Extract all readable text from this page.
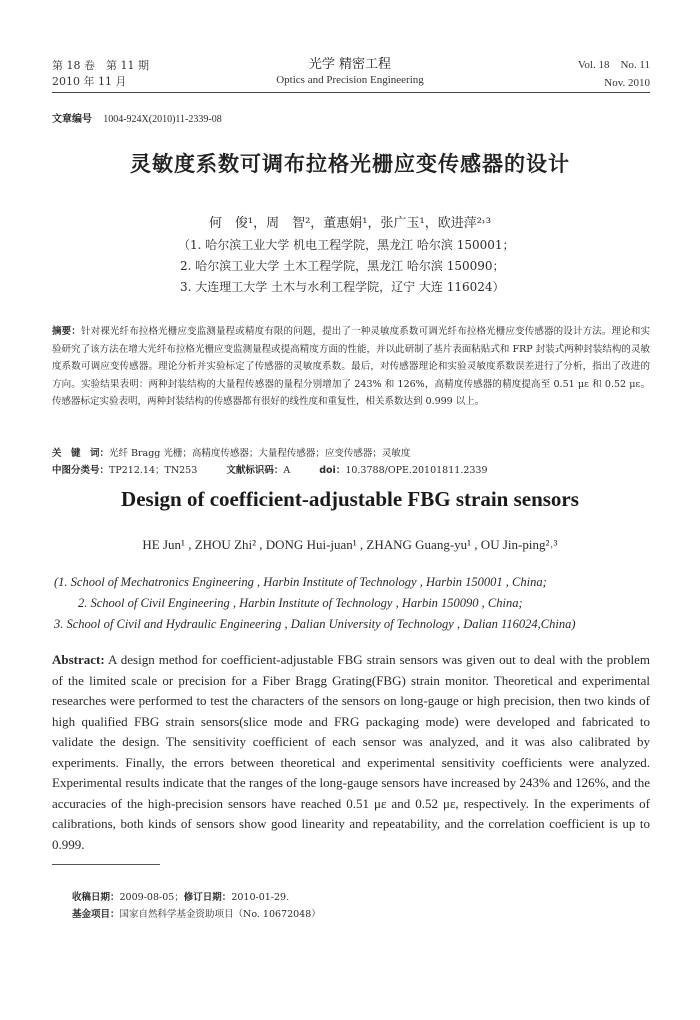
第 18 卷　第 11 期
2010 年 11 月
光学 精密工程
Optics and Precision Engineering
Vol. 18　No. 11
Nov. 2010
文章编号 1004-924X(2010)11-2339-08
灵敏度系数可调布拉格光栅应变传感器的设计
何　俊¹，周　智²，董惠娟¹，张广玉¹，欧进萍²˒³
（1. 哈尔滨工业大学 机电工程学院，黑龙江 哈尔滨 150001；
2. 哈尔滨工业大学 土木工程学院，黑龙江 哈尔滨 150090；
3. 大连理工大学 土木与水利工程学院，辽宁 大连 116024）
摘要：针对裸光纤布拉格光栅应变监测量程或精度有限的问题，提出了一种灵敏度系数可调光纤布拉格光栅应变传感器的设计方法。理论和实验研究了该方法在增大光纤布拉格光栅应变监测量程或提高精度方面的性能，并以此研制了基片表面粘贴式和 FRP 封装式两种封装结构的灵敏度系数可调应变传感器。理论分析并实验标定了传感器的灵敏度系数。最后，对传感器理论和实验灵敏度系数误差进行了分析，指出了改进的方向。实验结果表明：两种封装结构的大量程传感器的量程分别增加了 243% 和 126%，高精度传感器的精度提高至 0.51 με 和 0.52 με。传感器标定实验表明，两种封装结构的传感器都有很好的线性度和重复性，相关系数达到 0.999 以上。
关　键　词：光纤 Bragg 光栅；高精度传感器；大量程传感器；应变传感器；灵敏度
中图分类号：TP212.14；TN253	文献标识码：A	doi：10.3788/OPE.20101811.2339
Design of coefficient-adjustable FBG strain sensors
HE Jun¹ , ZHOU Zhi² , DONG Hui-juan¹ , ZHANG Guang-yu¹ , OU Jin-ping²˒³
(1. School of Mechatronics Engineering , Harbin Institute of Technology , Harbin 150001 , China;
2. School of Civil Engineering , Harbin Institute of Technology , Harbin 150090 , China;
3. School of Civil and Hydraulic Engineering , Dalian University of Technology , Dalian 116024,China)
Abstract: A design method for coefficient-adjustable FBG strain sensors was given out to deal with the problem of the limited scale or precision for a Fiber Bragg Grating(FBG) strain monitor. Theoretical and experimental researches were performed to test the characters of the sensors on long-gauge or high precision, then two kinds of high qualified FBG strain sensors(slice mode and FRG packaging mode) were developed and fabricated to validate the design. The sensitivity coefficient of each sensor was analyzed, and it was also calibrated by experiments. Finally, the errors between theoretical and experimental sensitivity coefficients were analyzed. Experimental results indicate that the ranges of the long-gauge sensors have increased by 243% and 126%, and the accuracies of the high-precision sensors have reached 0.51 με and 0.52 με, respectively. In the experiments of calibrations, both kinds of sensors show good linearity and repeatability, and the correlation coefficient is up to 0.999.
收稿日期：2009-08-05；修订日期：2010-01-29.
基金项目：国家自然科学基金资助项目（No. 10672048）
